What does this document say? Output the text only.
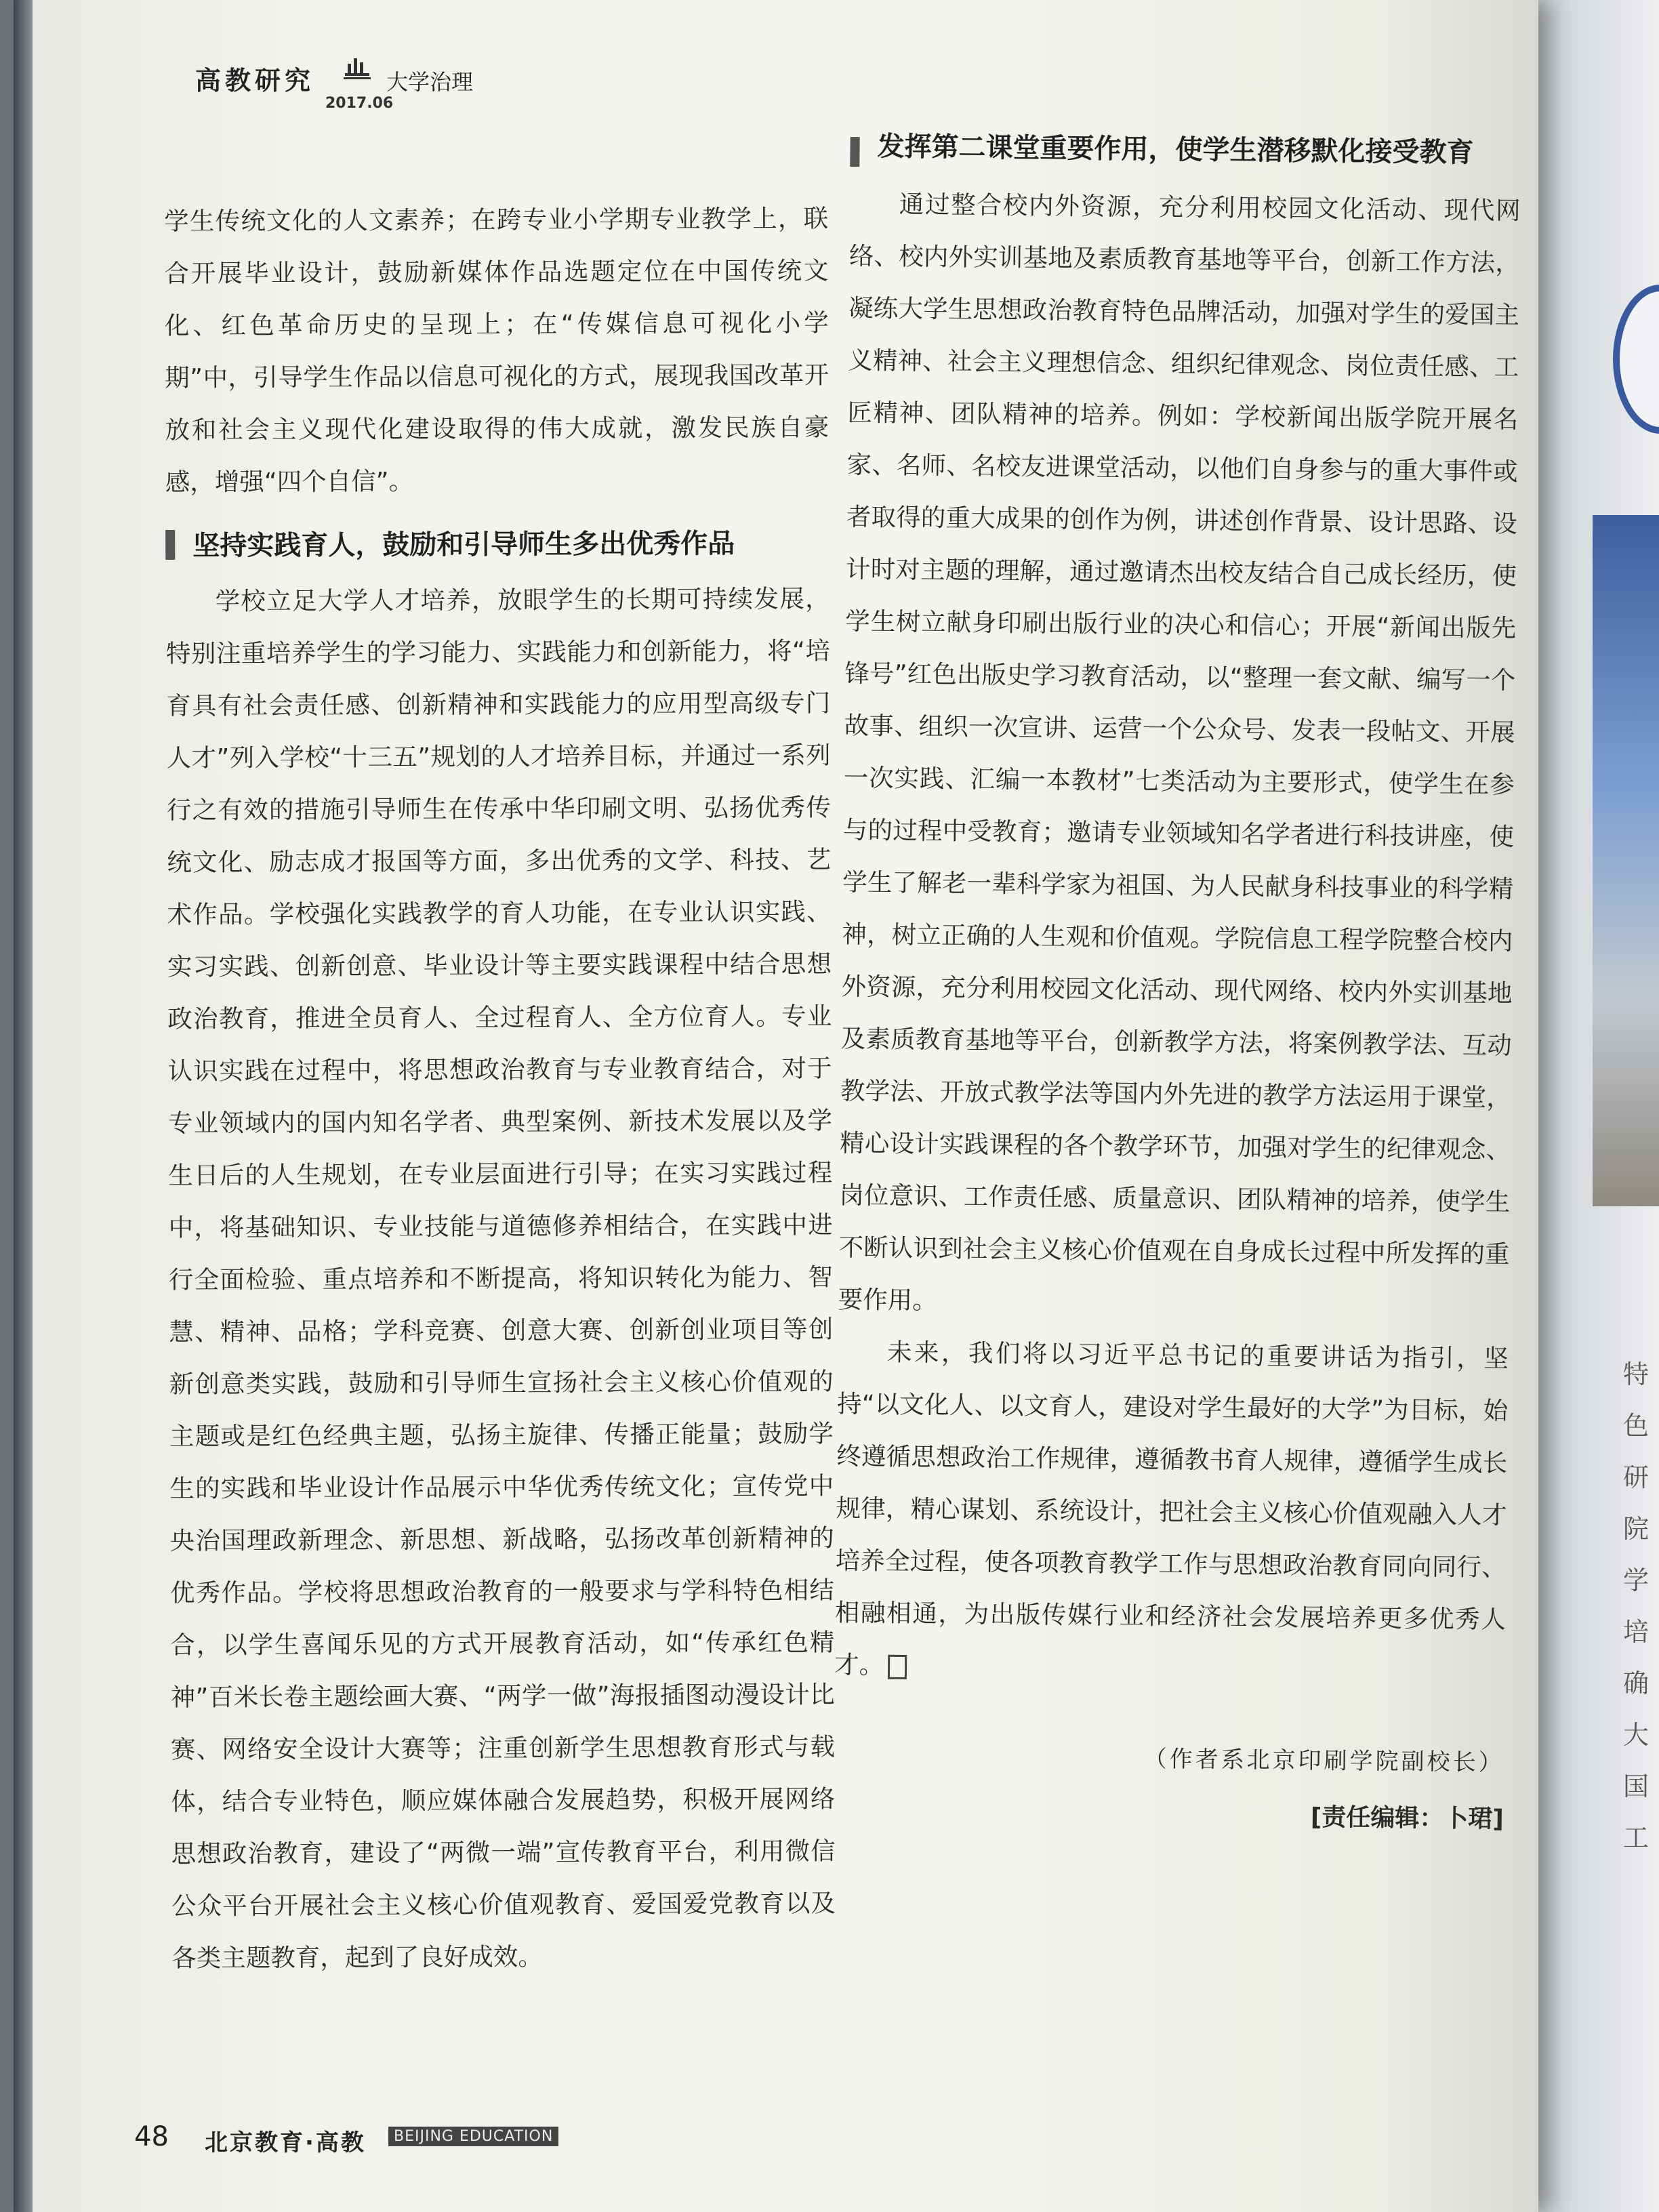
特色
研院
学
培
确
大
国
工
高教研究	大学治理
2017.06

学生传统文化的人文素养；在跨专业小学期专业教学上，联合开展毕业设计，鼓励新媒体作品选题定位在中国传统文化、红色革命历史的呈现上；在“传媒信息可视化小学期”中，引导学生作品以信息可视化的方式，展现我国改革开放和社会主义现代化建设取得的伟大成就，激发民族自豪感，增强“四个自信”。

坚持实践育人，鼓励和引导师生多出优秀作品

学校立足大学人才培养，放眼学生的长期可持续发展，特别注重培养学生的学习能力、实践能力和创新能力，将“培育具有社会责任感、创新精神和实践能力的应用型高级专门人才”列入学校“十三五”规划的人才培养目标，并通过一系列行之有效的措施引导师生在传承中华印刷文明、弘扬优秀传统文化、励志成才报国等方面，多出优秀的文学、科技、艺术作品。学校强化实践教学的育人功能，在专业认识实践、实习实践、创新创意、毕业设计等主要实践课程中结合思想政治教育，推进全员育人、全过程育人、全方位育人。专业认识实践在过程中，将思想政治教育与专业教育结合，对于专业领域内的国内知名学者、典型案例、新技术发展以及学生日后的人生规划，在专业层面进行引导；在实习实践过程中，将基础知识、专业技能与道德修养相结合，在实践中进行全面检验、重点培养和不断提高，将知识转化为能力、智慧、精神、品格；学科竞赛、创意大赛、创新创业项目等创新创意类实践，鼓励和引导师生宣扬社会主义核心价值观的主题或是红色经典主题，弘扬主旋律、传播正能量；鼓励学生的实践和毕业设计作品展示中华优秀传统文化；宣传党中央治国理政新理念、新思想、新战略，弘扬改革创新精神的优秀作品。学校将思想政治教育的一般要求与学科特色相结合，以学生喜闻乐见的方式开展教育活动，如“传承红色精神”百米长卷主题绘画大赛、“两学一做”海报插图动漫设计比赛、网络安全设计大赛等；注重创新学生思想教育形式与载体，结合专业特色，顺应媒体融合发展趋势，积极开展网络思想政治教育，建设了“两微一端”宣传教育平台，利用微信公众平台开展社会主义核心价值观教育、爱国爱党教育以及各类主题教育，起到了良好成效。

发挥第二课堂重要作用，使学生潜移默化接受教育

通过整合校内外资源，充分利用校园文化活动、现代网络、校内外实训基地及素质教育基地等平台，创新工作方法，凝练大学生思想政治教育特色品牌活动，加强对学生的爱国主义精神、社会主义理想信念、组织纪律观念、岗位责任感、工匠精神、团队精神的培养。例如：学校新闻出版学院开展名家、名师、名校友进课堂活动，以他们自身参与的重大事件或者取得的重大成果的创作为例，讲述创作背景、设计思路、设计时对主题的理解，通过邀请杰出校友结合自己成长经历，使学生树立献身印刷出版行业的决心和信心；开展“新闻出版先锋号”红色出版史学习教育活动，以“整理一套文献、编写一个故事、组织一次宣讲、运营一个公众号、发表一段帖文、开展一次实践、汇编一本教材”七类活动为主要形式，使学生在参与的过程中受教育；邀请专业领域知名学者进行科技讲座，使学生了解老一辈科学家为祖国、为人民献身科技事业的科学精神，树立正确的人生观和价值观。学院信息工程学院整合校内外资源，充分利用校园文化活动、现代网络、校内外实训基地及素质教育基地等平台，创新教学方法，将案例教学法、互动教学法、开放式教学法等国内外先进的教学方法运用于课堂，精心设计实践课程的各个教学环节，加强对学生的纪律观念、岗位意识、工作责任感、质量意识、团队精神的培养，使学生不断认识到社会主义核心价值观在自身成长过程中所发挥的重要作用。

未来，我们将以习近平总书记的重要讲话为指引，坚持“以文化人、以文育人，建设对学生最好的大学”为目标，始终遵循思想政治工作规律，遵循教书育人规律，遵循学生成长规律，精心谋划、系统设计，把社会主义核心价值观融入人才培养全过程，使各项教育教学工作与思想政治教育同向同行、相融相通，为出版传媒行业和经济社会发展培养更多优秀人才。

（作者系北京印刷学院副校长）
[责任编辑：卜珺]
48 北京教育·高教	BEIJING EDUCATION
